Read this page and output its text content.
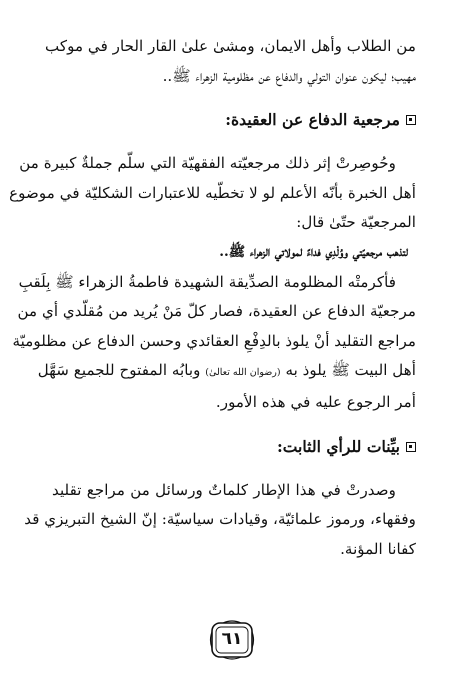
من الطلاب وأهل الايمان، ومشىٰ علىٰ القار الحار في موكب
مهيب؛ ليكون عنوان التولي والدفاع عن مظلومية الزهراء ﷺ..
مرجعية الدفاع عن العقيدة:
وحُوصِرتْ إثر ذلك مرجعيّته الفقهيّة التي سلّم جملةٌ كبيرة من
أهل الخبرة بأنّه الأعلم لو لا تخطّيه للاعتبارات الشكليّة في موضوع
المرجعيّة حتّىٰ قال:
لتذهب مرجعيّتي ووُلْدِي فداءً لمولاتي الزهراء ﷺ..
فأكرمتْه المظلومة الصدِّيقة الشهيدة فاطمةُ الزهراء ﷺ بِلَقبِ
مرجعيّة الدفاع عن العقيدة، فصار كلّ مَنْ يُريد من مُقلّدي أي من
مراجع التقليد أنْ يلوذ بالدِفْعِ العقائدي وحسن الدفاع عن مظلوميّة
أهل البيت ﷺ يلوذ به (رضوان الله تعالىٰ) وبابُه المفتوح للجميع سَهَّل
أمر الرجوع عليه في هذه الأمور.
بيِّنات للرأي الثابت:
وصدرتْ في هذا الإطار كلماتٌ ورسائل من مراجع تقليد
وفقهاء، ورموز علمائيّة، وقيادات سياسيّة: إنّ الشيخ التبريزي قد
كفانا المؤنة.
٦١
